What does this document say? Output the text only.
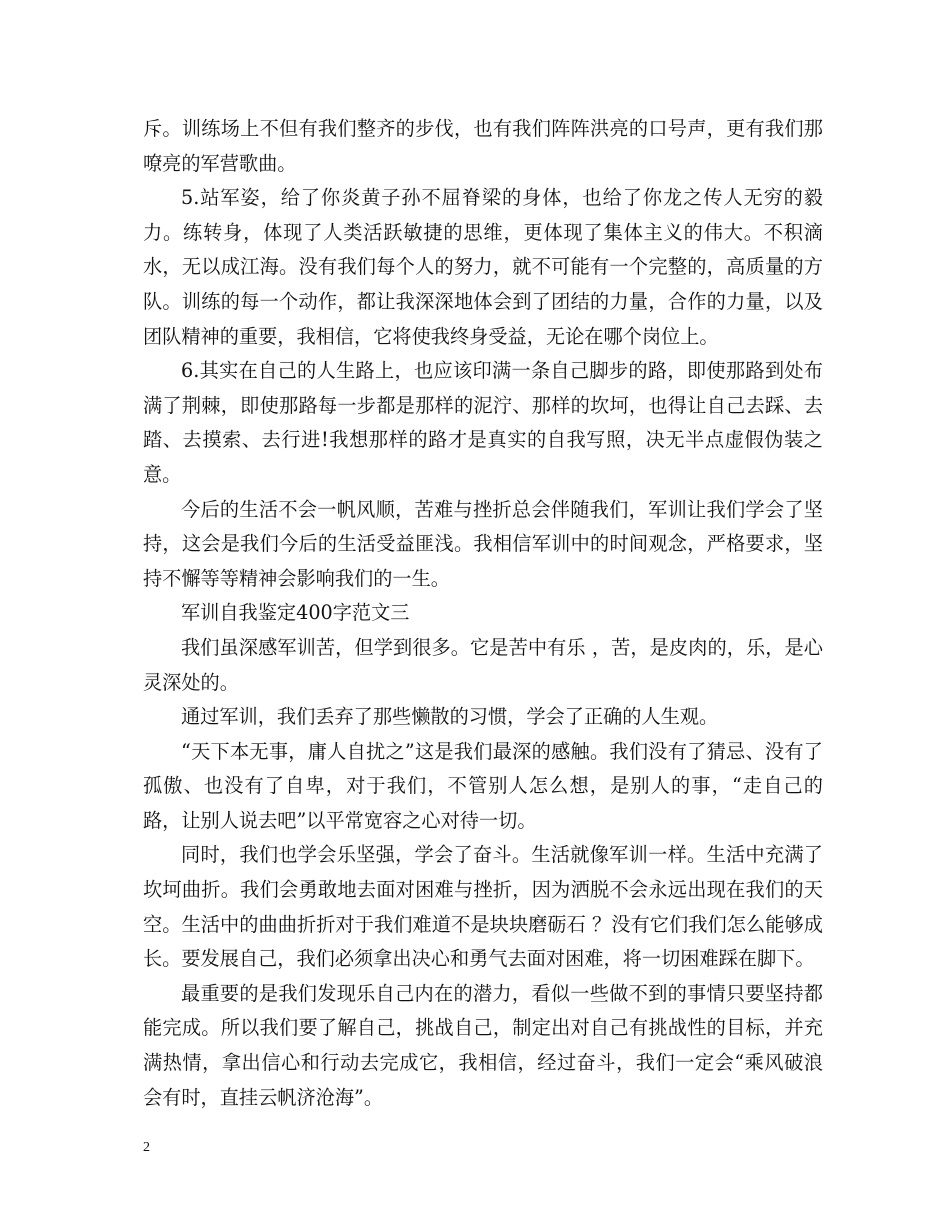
斥。训练场上不但有我们整齐的步伐，也有我们阵阵洪亮的口号声，更有我们那嘹亮的军营歌曲。

5.站军姿，给了你炎黄子孙不屈脊梁的身体，也给了你龙之传人无穷的毅力。练转身，体现了人类活跃敏捷的思维，更体现了集体主义的伟大。不积滴水，无以成江海。没有我们每个人的努力，就不可能有一个完整的，高质量的方队。训练的每一个动作，都让我深深地体会到了团结的力量，合作的力量，以及团队精神的重要，我相信，它将使我终身受益，无论在哪个岗位上。

6.其实在自己的人生路上，也应该印满一条自己脚步的路，即使那路到处布满了荆棘，即使那路每一步都是那样的泥泞、那样的坎坷，也得让自己去踩、去踏、去摸索、去行进!我想那样的路才是真实的自我写照，决无半点虚假伪装之意。

今后的生活不会一帆风顺，苦难与挫折总会伴随我们，军训让我们学会了坚持，这会是我们今后的生活受益匪浅。我相信军训中的时间观念，严格要求，坚持不懈等等精神会影响我们的一生。

军训自我鉴定400字范文三

我们虽深感军训苦，但学到很多。它是苦中有乐 ，苦，是皮肉的，乐，是心灵深处的。

通过军训，我们丢弃了那些懒散的习惯，学会了正确的人生观。

“天下本无事，庸人自扰之”这是我们最深的感触。我们没有了猜忌、没有了孤傲、也没有了自卑，对于我们，不管别人怎么想，是别人的事，“走自己的路，让别人说去吧”以平常宽容之心对待一切。

同时，我们也学会乐坚强，学会了奋斗。生活就像军训一样。生活中充满了坎坷曲折。我们会勇敢地去面对困难与挫折，因为洒脱不会永远出现在我们的天空。生活中的曲曲折折对于我们难道不是块块磨砺石 ？没有它们我们怎么能够成长。要发展自己，我们必须拿出决心和勇气去面对困难，将一切困难踩在脚下。

最重要的是我们发现乐自己内在的潜力，看似一些做不到的事情只要坚持都能完成。所以我们要了解自己，挑战自己，制定出对自己有挑战性的目标，并充满热情，拿出信心和行动去完成它，我相信，经过奋斗，我们一定会“乘风破浪会有时，直挂云帆济沧海”。

2
